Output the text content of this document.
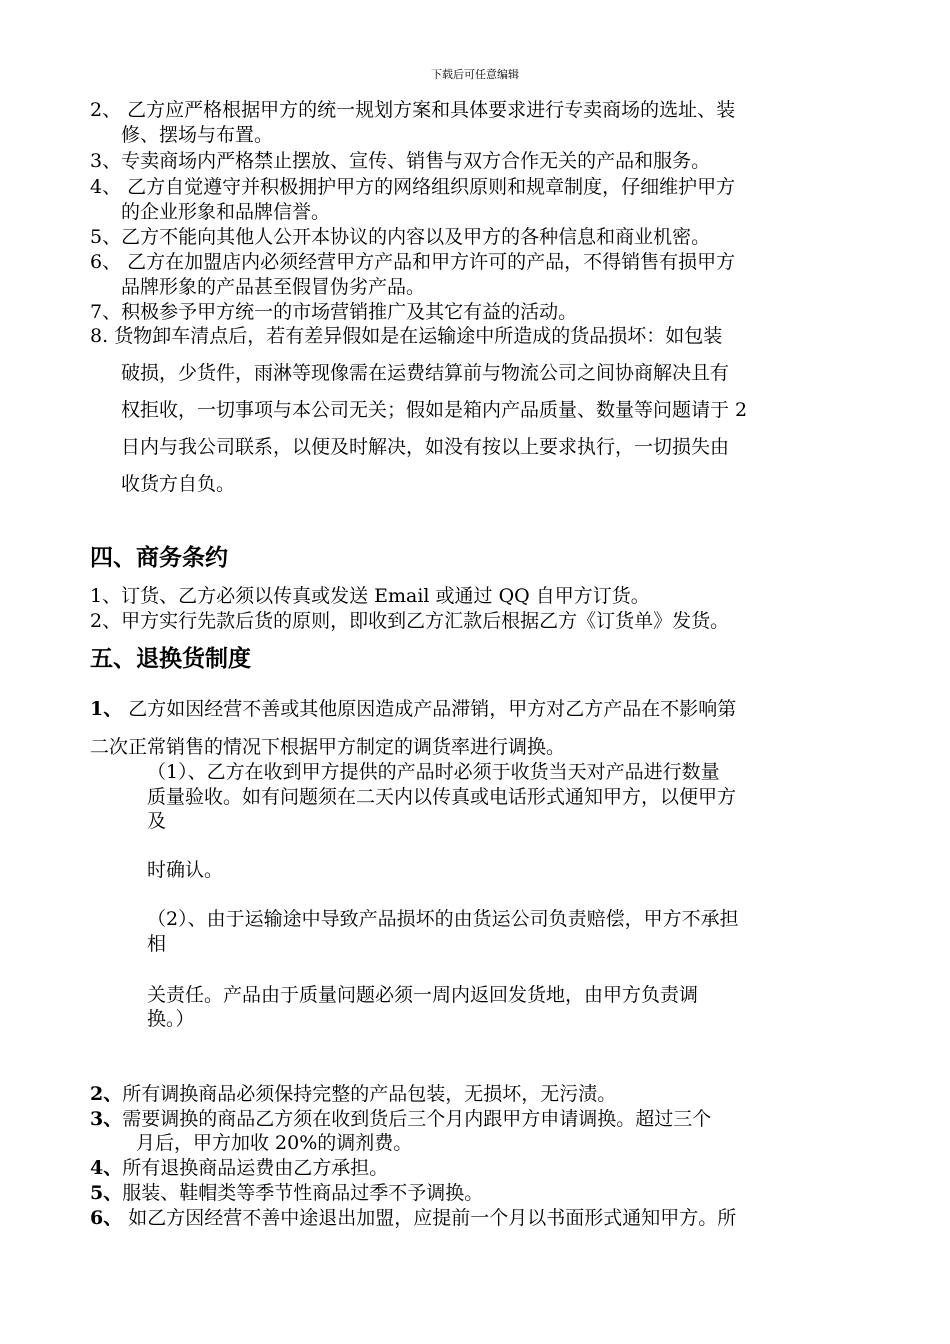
下载后可任意编辑
2、 乙方应严格根据甲方的统一规划方案和具体要求进行专卖商场的选址、装
修、摆场与布置。
3、专卖商场内严格禁止摆放、宣传、销售与双方合作无关的产品和服务。
4、 乙方自觉遵守并积极拥护甲方的网络组织原则和规章制度，仔细维护甲方
的企业形象和品牌信誉。
5、乙方不能向其他人公开本协议的内容以及甲方的各种信息和商业机密。
6、 乙方在加盟店内必须经营甲方产品和甲方许可的产品，不得销售有损甲方
品牌形象的产品甚至假冒伪劣产品。
7、积极参予甲方统一的市场营销推广及其它有益的活动。
8. 货物卸车清点后，若有差异假如是在运输途中所造成的货品损坏：如包装
破损，少货件，雨淋等现像需在运费结算前与物流公司之间协商解决且有
权拒收，一切事项与本公司无关；假如是箱内产品质量、数量等问题请于 2
日内与我公司联系，以便及时解决，如没有按以上要求执行，一切损失由
收货方自负。
四、商务条约
1、订货、乙方必须以传真或发送 Email 或通过 QQ 自甲方订货。
2、甲方实行先款后货的原则，即收到乙方汇款后根据乙方《订货单》发货。
五、退换货制度
1、 乙方如因经营不善或其他原因造成产品滞销，甲方对乙方产品在不影响第
二次正常销售的情况下根据甲方制定的调货率进行调换。
（1）、乙方在收到甲方提供的产品时必须于收货当天对产品进行数量
质量验收。如有问题须在二天内以传真或电话形式通知甲方，以便甲方
及
时确认。
（2）、由于运输途中导致产品损坏的由货运公司负责赔偿，甲方不承担
相
关责任。产品由于质量问题必须一周内返回发货地，由甲方负责调
换。）
2、所有调换商品必须保持完整的产品包装，无损坏，无污渍。
3、需要调换的商品乙方须在收到货后三个月内跟甲方申请调换。超过三个
月后，甲方加收 20%的调剂费。
4、所有退换商品运费由乙方承担。
5、服装、鞋帽类等季节性商品过季不予调换。
6、 如乙方因经营不善中途退出加盟，应提前一个月以书面形式通知甲方。所
